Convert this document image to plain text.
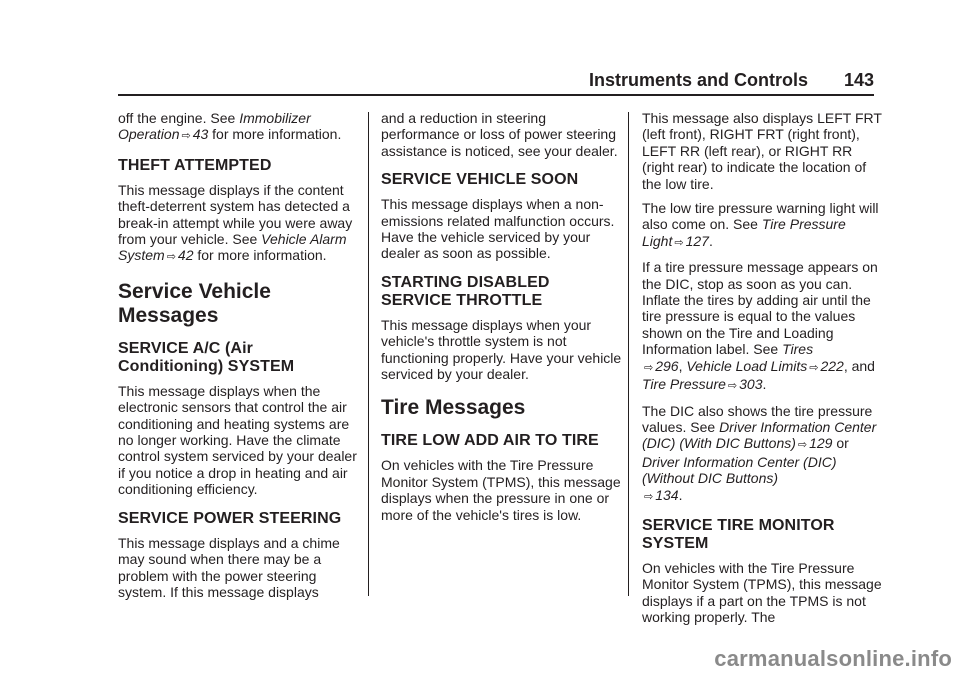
Instruments and Controls 143

off the engine. See Immobilizer Operation ⇨ 43 for more information.

THEFT ATTEMPTED

This message displays if the content theft-deterrent system has detected a break-in attempt while you were away from your vehicle. See Vehicle Alarm System ⇨ 42 for more information.

Service Vehicle Messages
SERVICE A/C (Air Conditioning) SYSTEM

This message displays when the electronic sensors that control the air conditioning and heating systems are no longer working. Have the climate control system serviced by your dealer if you notice a drop in heating and air conditioning efficiency.

SERVICE POWER STEERING

This message displays and a chime may sound when there may be a problem with the power steering system. If this message displays

and a reduction in steering performance or loss of power steering assistance is noticed, see your dealer.

SERVICE VEHICLE SOON

This message displays when a non-emissions related malfunction occurs. Have the vehicle serviced by your dealer as soon as possible.

STARTING DISABLED SERVICE THROTTLE

This message displays when your vehicle's throttle system is not functioning properly. Have your vehicle serviced by your dealer.

Tire Messages
TIRE LOW ADD AIR TO TIRE

On vehicles with the Tire Pressure Monitor System (TPMS), this message displays when the pressure in one or more of the vehicle's tires is low.

This message also displays LEFT FRT (left front), RIGHT FRT (right front), LEFT RR (left rear), or RIGHT RR (right rear) to indicate the location of the low tire.

The low tire pressure warning light will also come on. See Tire Pressure Light ⇨ 127.

If a tire pressure message appears on the DIC, stop as soon as you can. Inflate the tires by adding air until the tire pressure is equal to the values shown on the Tire and Loading Information label. See Tires
⇨ 296, Vehicle Load Limits ⇨ 222, and Tire Pressure ⇨ 303.

The DIC also shows the tire pressure values. See Driver Information Center (DIC) (With DIC Buttons) ⇨ 129 or Driver Information Center (DIC) (Without DIC Buttons)
⇨ 134.

SERVICE TIRE MONITOR SYSTEM

On vehicles with the Tire Pressure Monitor System (TPMS), this message displays if a part on the TPMS is not working properly. The

carmanualsonline.info
